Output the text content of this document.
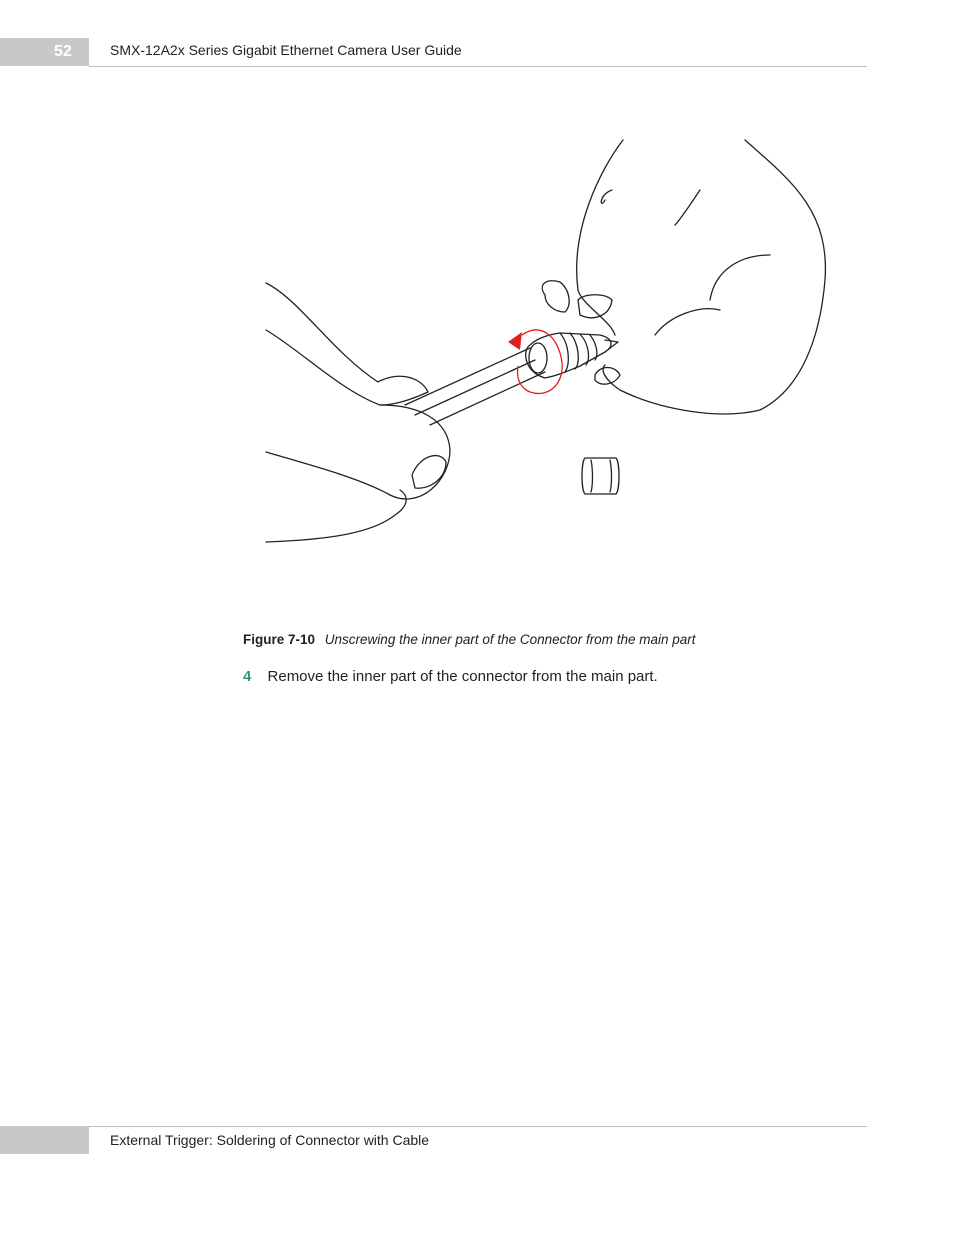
52	SMX-12A2x Series Gigabit Ethernet Camera User Guide
Figure 7-10 Unscrewing the inner part of the Connector from the main part
4 Remove the inner part of the connector from the main part.
External Trigger: Soldering of Connector with Cable
